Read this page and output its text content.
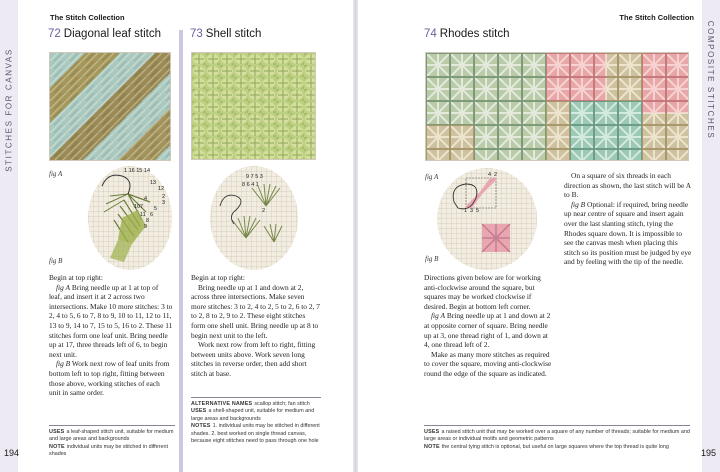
STITCHES FOR CANVAS	COMPOSITE STITCHES
The Stitch Collection	The Stitch Collection
72 Diagonal leaf stitch
fig A
fig B
1 16 15 14
13
12
2
3
4
5
6
7
8
10
11
9

Begin at top right:

fig A Bring needle up at 1 at top of leaf, and insert it at 2 across two intersections. Make 10 more stitches: 3 to 2, 4 to 5, 6 to 7, 8 to 9, 10 to 11, 12 to 11, 13 to 9, 14 to 7, 15 to 5, 16 to 2. These 11 stitches form one leaf unit. Bring needle up at 17, three threads left of 6, to begin next unit.

fig B Work next row of leaf units from bottom left to top right, fitting between those above, working stitches of each unit in same order.

USES a leaf-shaped stitch unit, suitable for medium and large areas and backgrounds
NOTE individual units may be stitched in different shades
194
73 Shell stitch
9 7 5 3
8 6 4 1
2

Begin at top right:

Bring needle up at 1 and down at 2, across three intersections. Make seven more stitches: 3 to 2, 4 to 2, 5 to 2, 6 to 2, 7 to 2, 8 to 2, 9 to 2. These eight stitches form one shell unit. Bring needle up at 8 to begin next unit to the left.

Work next row from left to right, fitting between units above. Work seven long stitches in reverse order, then add short stitch at base.

ALTERNATIVE NAMES scallop stitch; fan stitch
USES a shell-shaped unit, suitable for medium and large areas and backgrounds
NOTES 1. individual units may be stitched in different shades. 2. best worked on single thread canvas, because eight stitches need to pass through one hole
74 Rhodes stitch
fig A
fig B
1
2
3
4
5

Directions given below are for working anti-clockwise around the square, but squares may be worked clockwise if desired. Begin at bottom left corner.

fig A Bring needle up at 1 and down at 2 at opposite corner of square. Bring needle up at 3, one thread right of 1, and down at 4, one thread left of 2.

Make as many more stitches as required to cover the square, moving anti-clockwise round the edge of the square as indicated.

On a square of six threads in each direction as shown, the last stitch will be A to B.

fig B Optional: if required, bring needle up near centre of square and insert again over the last slanting stitch, tying the Rhodes square down. It is impossible to see the canvas mesh when placing this stitch so its position must be judged by eye and by feeling with the tip of the needle.

USES a raised stitch unit that may be worked over a square of any number of threads; suitable for medium and large areas or individual motifs and geometric patterns
NOTE the central tying stitch is optional, but useful on large squares where the top thread is quite long
195
